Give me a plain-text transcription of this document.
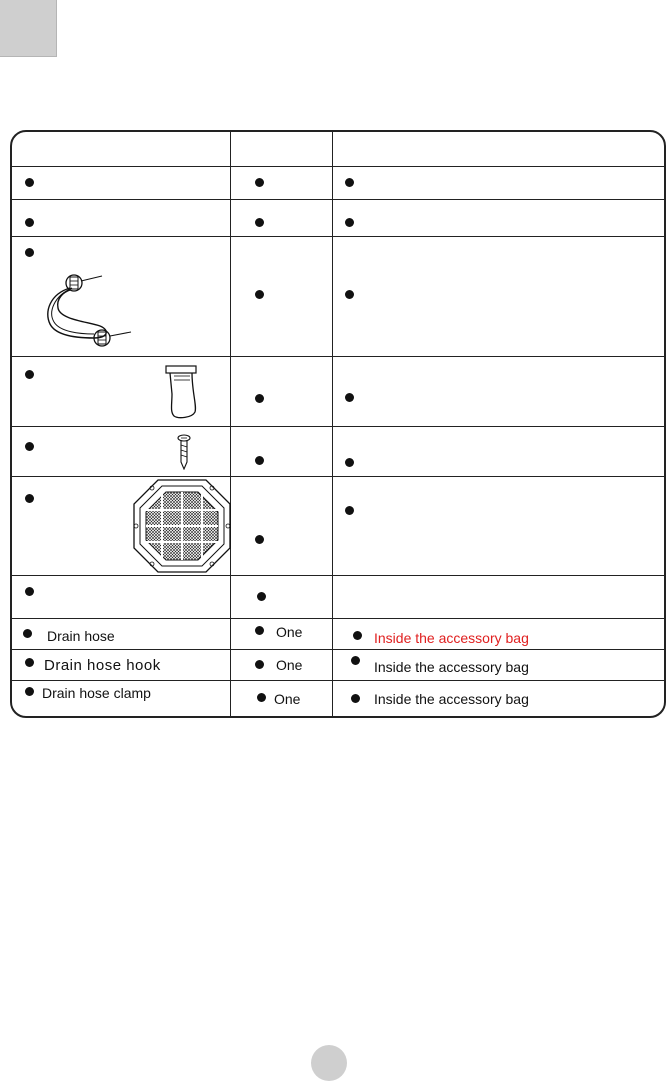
Drain hose	One	Inside the accessory bag
Drain hose hook	One	Inside the accessory bag
Drain hose clamp	One	Inside the accessory bag
